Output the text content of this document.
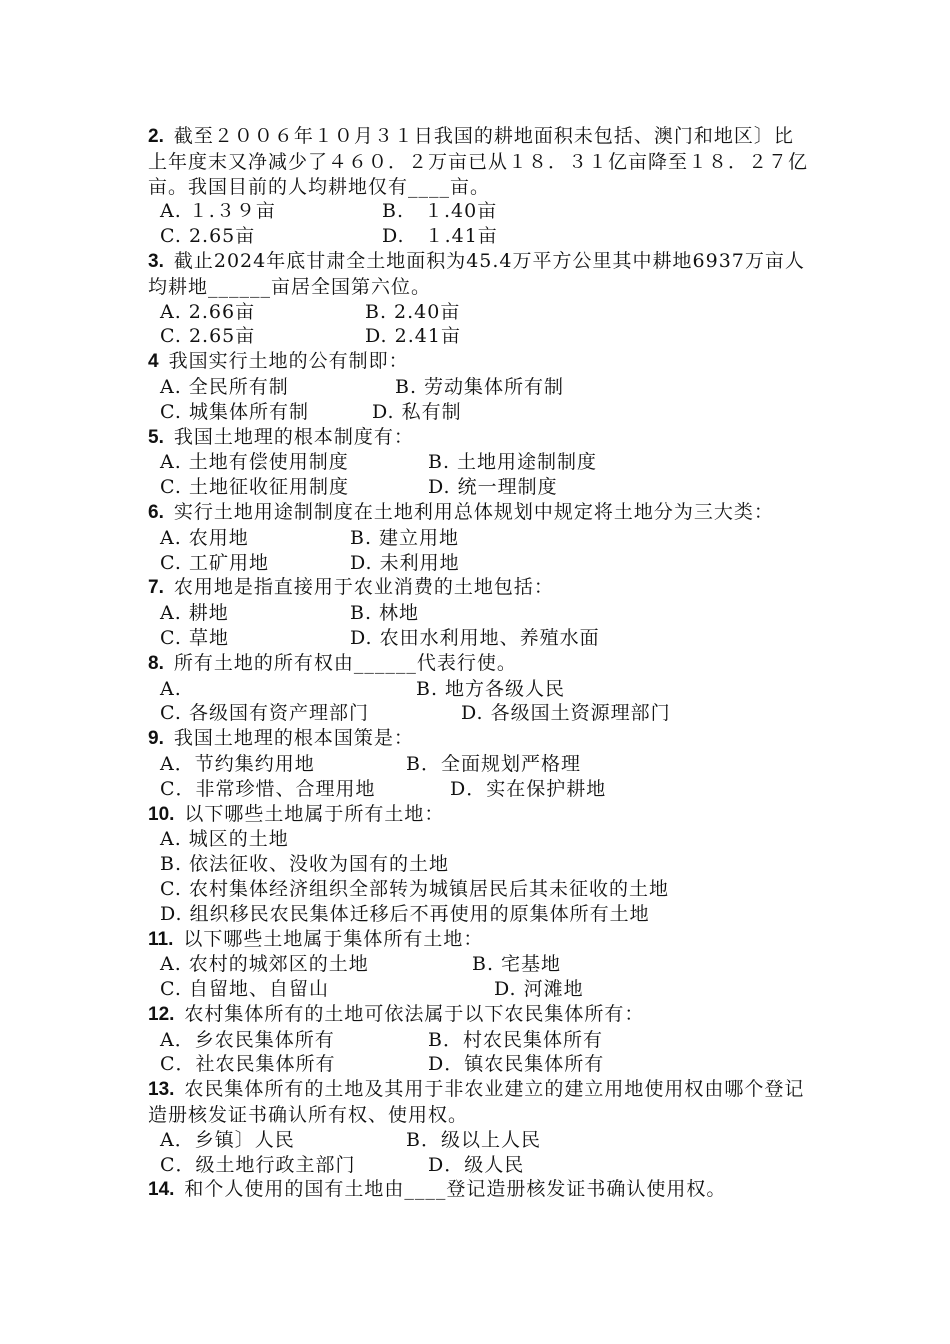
2. 截至２００６年１０月３１日我国的耕地面积未包括、澳门和地区〕比上年度末又净减少了４６０．２万亩已从１８．３１亿亩降至１８．２７亿亩。我国目前的人均耕地仅有____亩。
A. １.３９亩	B.　１.40亩
C. 2.65亩	D.　１.41亩
3. 截止2024年底甘肃全土地面积为45.4万平方公里其中耕地6937万亩人均耕地______亩居全国第六位。
A. 2.66亩	B. 2.40亩
C. 2.65亩	D. 2.41亩
4 我国实行土地的公有制即：
A. 全民所有制	B. 劳动集体所有制
C. 城集体所有制	D. 私有制
5. 我国土地理的根本制度有：
A. 土地有偿使用制度	B. 土地用途制制度
C. 土地征收征用制度	D. 统一理制度
6. 实行土地用途制制度在土地利用总体规划中规定将土地分为三大类：
A. 农用地	B. 建立用地
C. 工矿用地	D. 未利用地
7. 农用地是指直接用于农业消费的土地包括：
A. 耕地	B. 林地
C. 草地	D. 农田水利用地、养殖水面
8. 所有土地的所有权由______代表行使。
A.	B. 地方各级人民
C. 各级国有资产理部门	D. 各级国土资源理部门
9. 我国土地理的根本国策是：
A．节约集约用地	B．全面规划严格理
C．非常珍惜、合理用地	D．实在保护耕地
10. 以下哪些土地属于所有土地：
A. 城区的土地
B. 依法征收、没收为国有的土地
C. 农村集体经济组织全部转为城镇居民后其未征收的土地
D. 组织移民农民集体迁移后不再使用的原集体所有土地
11. 以下哪些土地属于集体所有土地：
A. 农村的城郊区的土地	B. 宅基地
C. 自留地、自留山	D. 河滩地
12. 农村集体所有的土地可依法属于以下农民集体所有：
A．乡农民集体所有	B．村农民集体所有
C．社农民集体所有	D．镇农民集体所有
13. 农民集体所有的土地及其用于非农业建立的建立用地使用权由哪个登记造册核发证书确认所有权、使用权。
A．乡镇〕人民	B．级以上人民
C．级土地行政主部门	D．级人民
14. 和个人使用的国有土地由____登记造册核发证书确认使用权。
